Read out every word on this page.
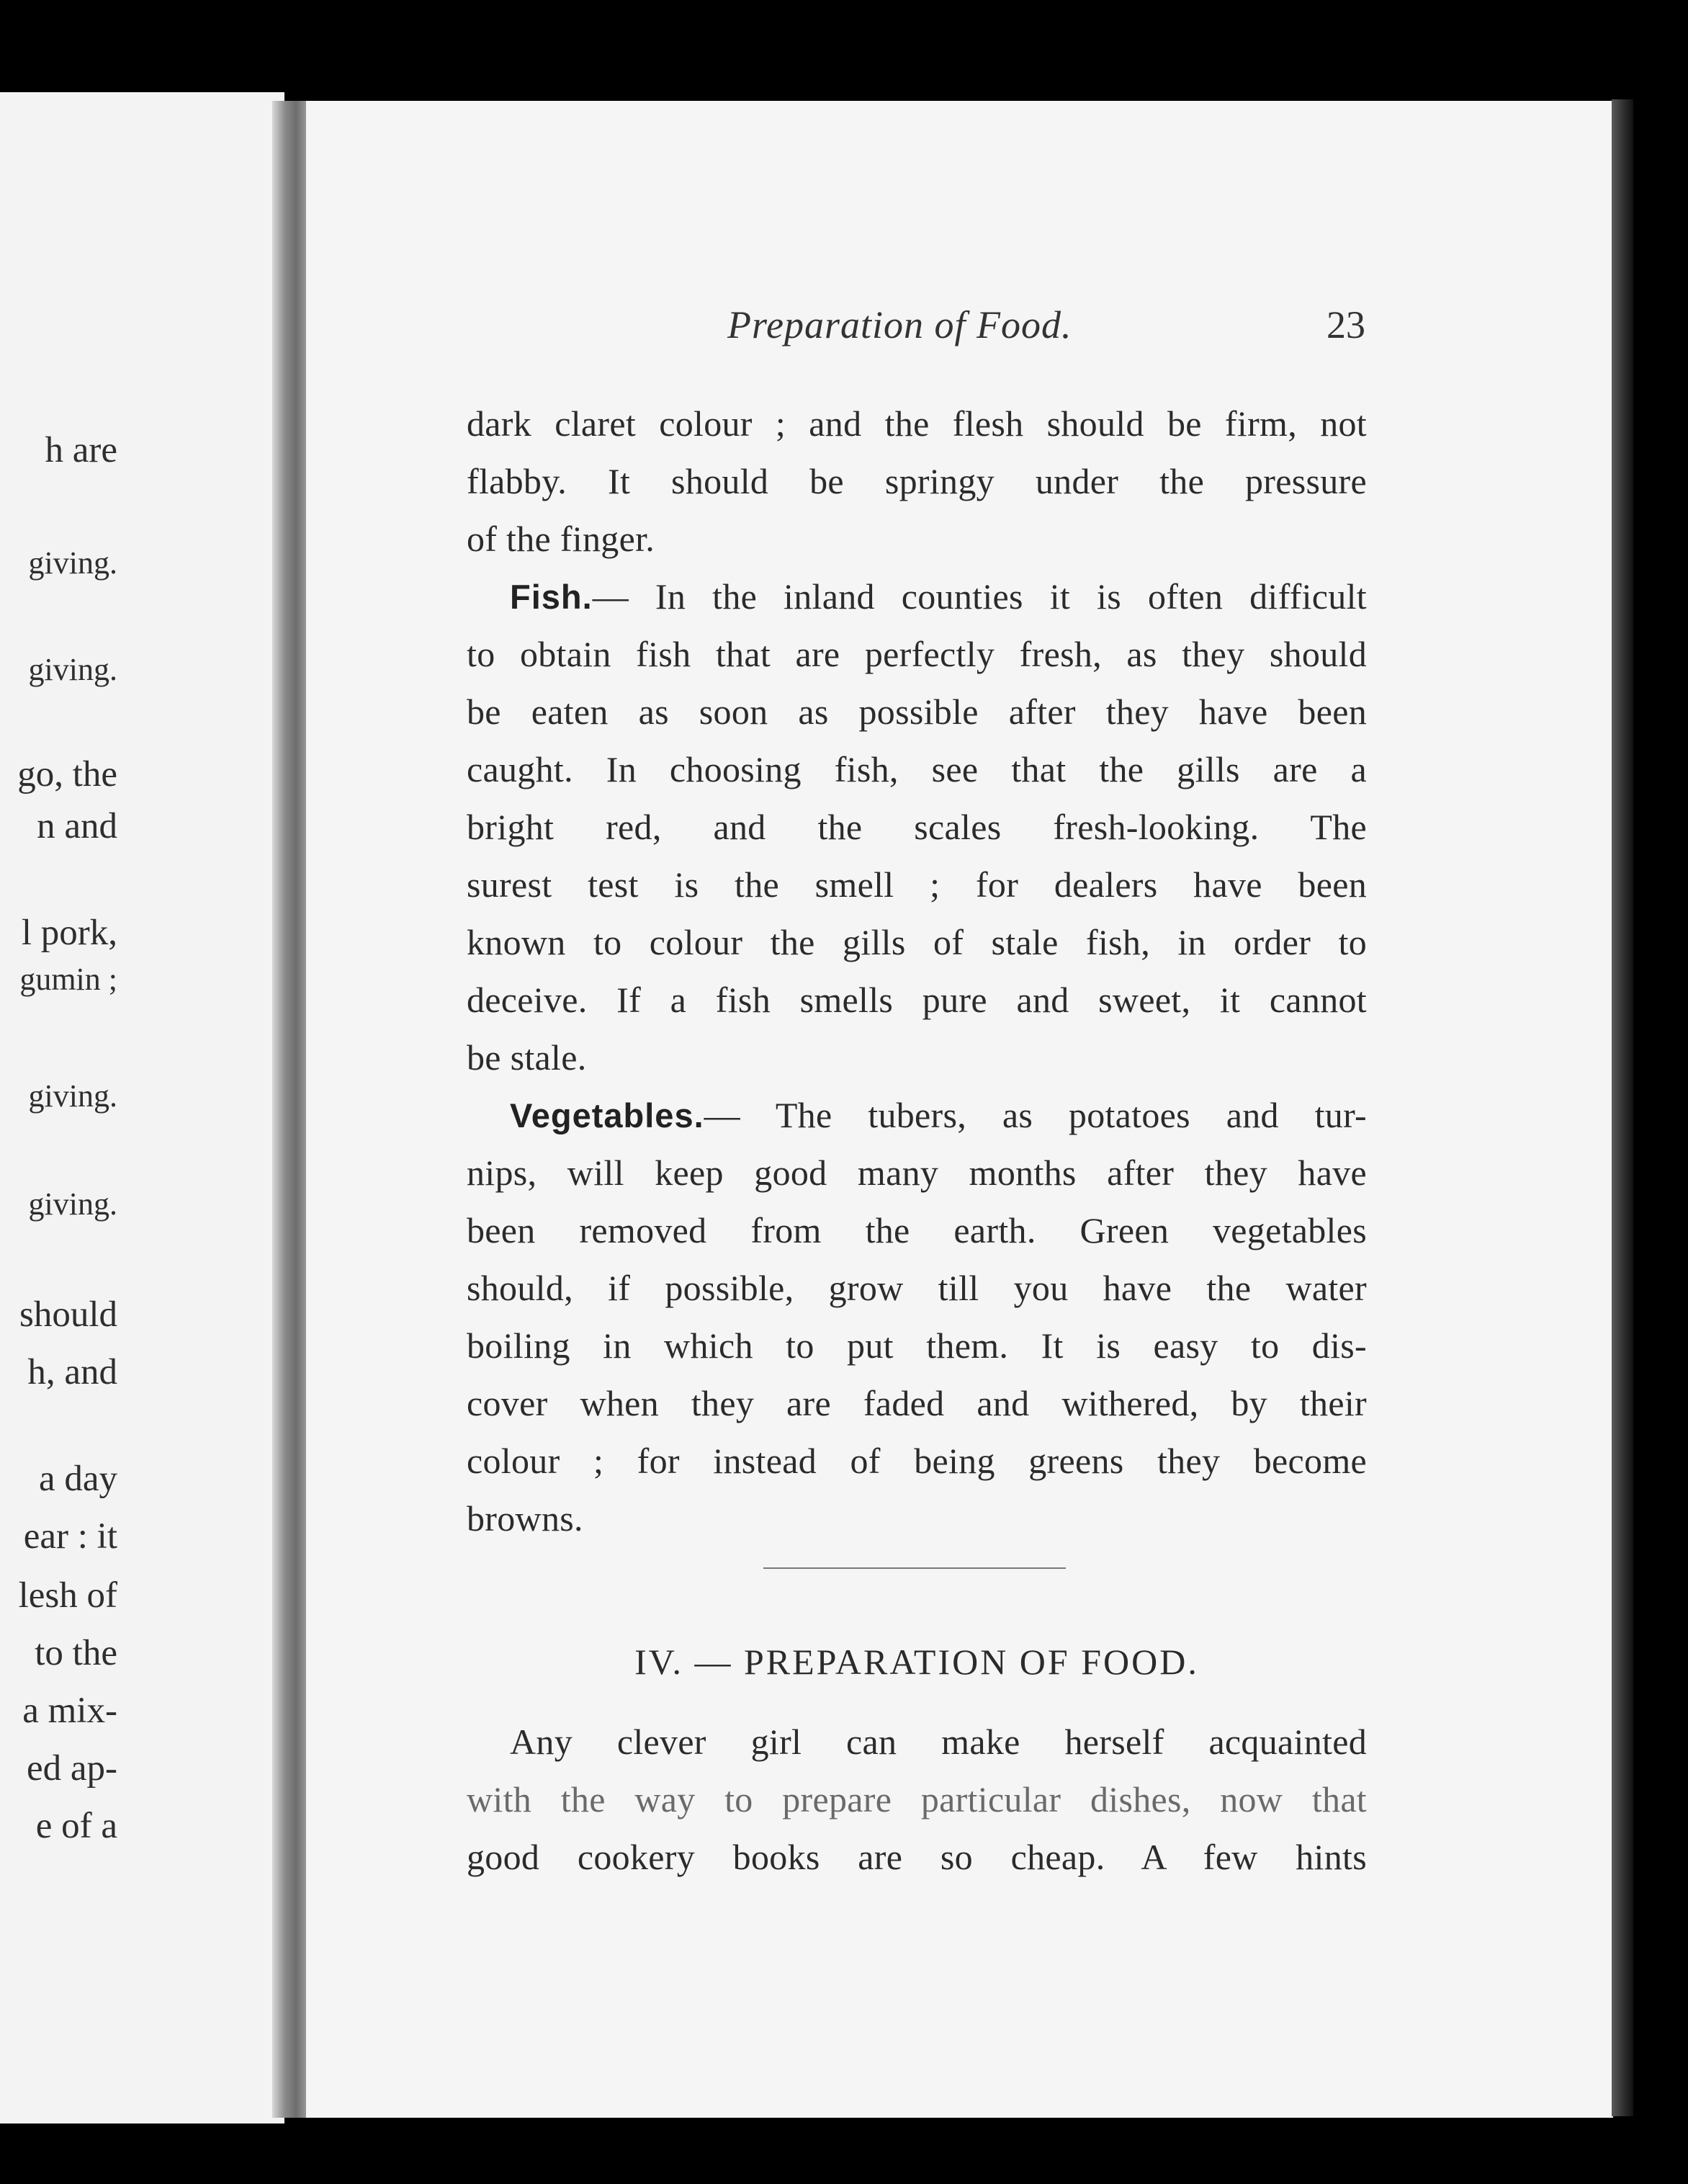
h are
giving.
giving.
go, the
n and
l pork,
gumin ;
giving.
giving.
should
h, and
a day
ear : it
lesh of
to the
a mix-
ed ap-
e of a
Preparation of Food.	23
dark claret colour ; and the flesh should be firm, not
flabby. It should be springy under the pressure
of the finger.
Fish.— In the inland counties it is often difficult
to obtain fish that are perfectly fresh, as they should
be eaten as soon as possible after they have been
caught. In choosing fish, see that the gills are a
bright red, and the scales fresh-looking. The
surest test is the smell ; for dealers have been
known to colour the gills of stale fish, in order to
deceive. If a fish smells pure and sweet, it cannot
be stale.
Vegetables.— The tubers, as potatoes and tur-
nips, will keep good many months after they have
been removed from the earth. Green vegetables
should, if possible, grow till you have the water
boiling in which to put them. It is easy to dis-
cover when they are faded and withered, by their
colour ; for instead of being greens they become
browns.
IV. — PREPARATION OF FOOD.
Any clever girl can make herself acquainted
with the way to prepare particular dishes, now that
good cookery books are so cheap. A few hints
